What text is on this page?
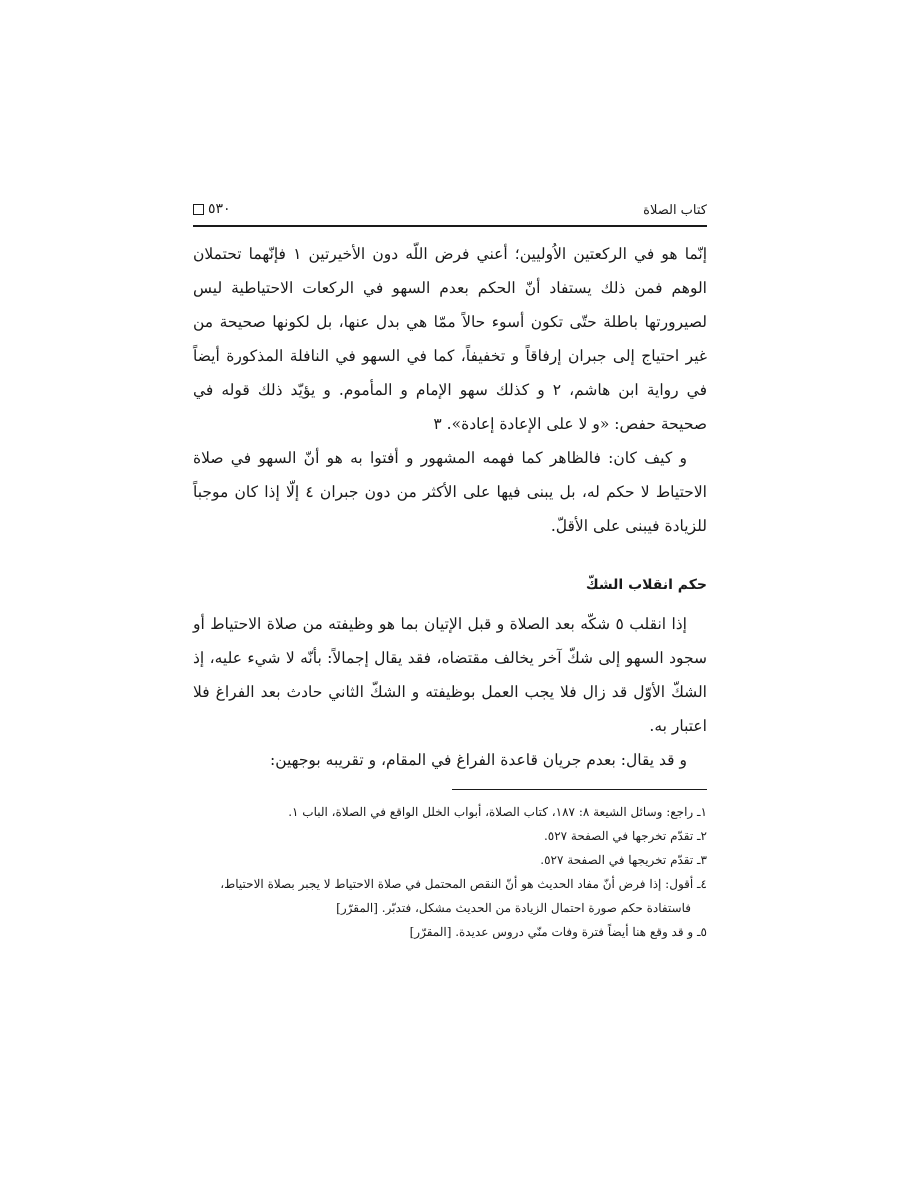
كتاب الصلاة
٥٣٠

إنّما هو في الركعتين الاُوليين؛ أعني فرض اللّه دون الأخيرتين ١ فإنّهما تحتملان الوهم فمن ذلك يستفاد أنّ الحكم بعدم السهو في الركعات الاحتياطية ليس لصيرورتها باطلة حتّى تكون أسوء حالاً ممّا هي بدل عنها، بل لكونها صحيحة من غير احتياج إلى جبران إرفاقاً و تخفيفاً، كما في السهو في النافلة المذكورة أيضاً في رواية ابن هاشم، ٢ و كذلك سهو الإمام و المأموم. و يؤيّد ذلك قوله في صحيحة حفص: «و لا على الإعادة إعادة». ٣

و كيف كان: فالظاهر كما فهمه المشهور و أفتوا به هو أنّ السهو في صلاة الاحتياط لا حكم له، بل يبنى فيها على الأكثر من دون جبران ٤ إلّا إذا كان موجباً للزيادة فيبنى على الأقلّ.

حكم انقلاب الشكّ

إذا انقلب ٥ شكّه بعد الصلاة و قبل الإتيان بما هو وظيفته من صلاة الاحتياط أو سجود السهو إلى شكّ آخر يخالف مقتضاه، فقد يقال إجمالاً: بأنّه لا شيء عليه، إذ الشكّ الأوّل قد زال فلا يجب العمل بوظيفته و الشكّ الثاني حادث بعد الفراغ فلا اعتبار به.

و قد يقال: بعدم جريان قاعدة الفراغ في المقام، و تقريبه بوجهين:

١ـ راجع: وسائل الشيعة ٨: ١٨٧، كتاب الصلاة، أبواب الخلل الواقع في الصلاة، الباب ١.

٢ـ تقدّم تخرجها في الصفحة ٥٢٧.

٣ـ تقدّم تخريجها في الصفحة ٥٢٧.

٤ـ أقول: إذا فرض أنّ مفاد الحديث هو أنّ النقص المحتمل في صلاة الاحتياط لا يجبر بصلاة الاحتياط،

فاستفادة حكم صورة احتمال الزيادة من الحديث مشكل، فتدبّر. [المقرّر]

٥ـ و قد وقع هنا أيضاً فترة وفات منّي دروس عديدة. [المقرّر]
